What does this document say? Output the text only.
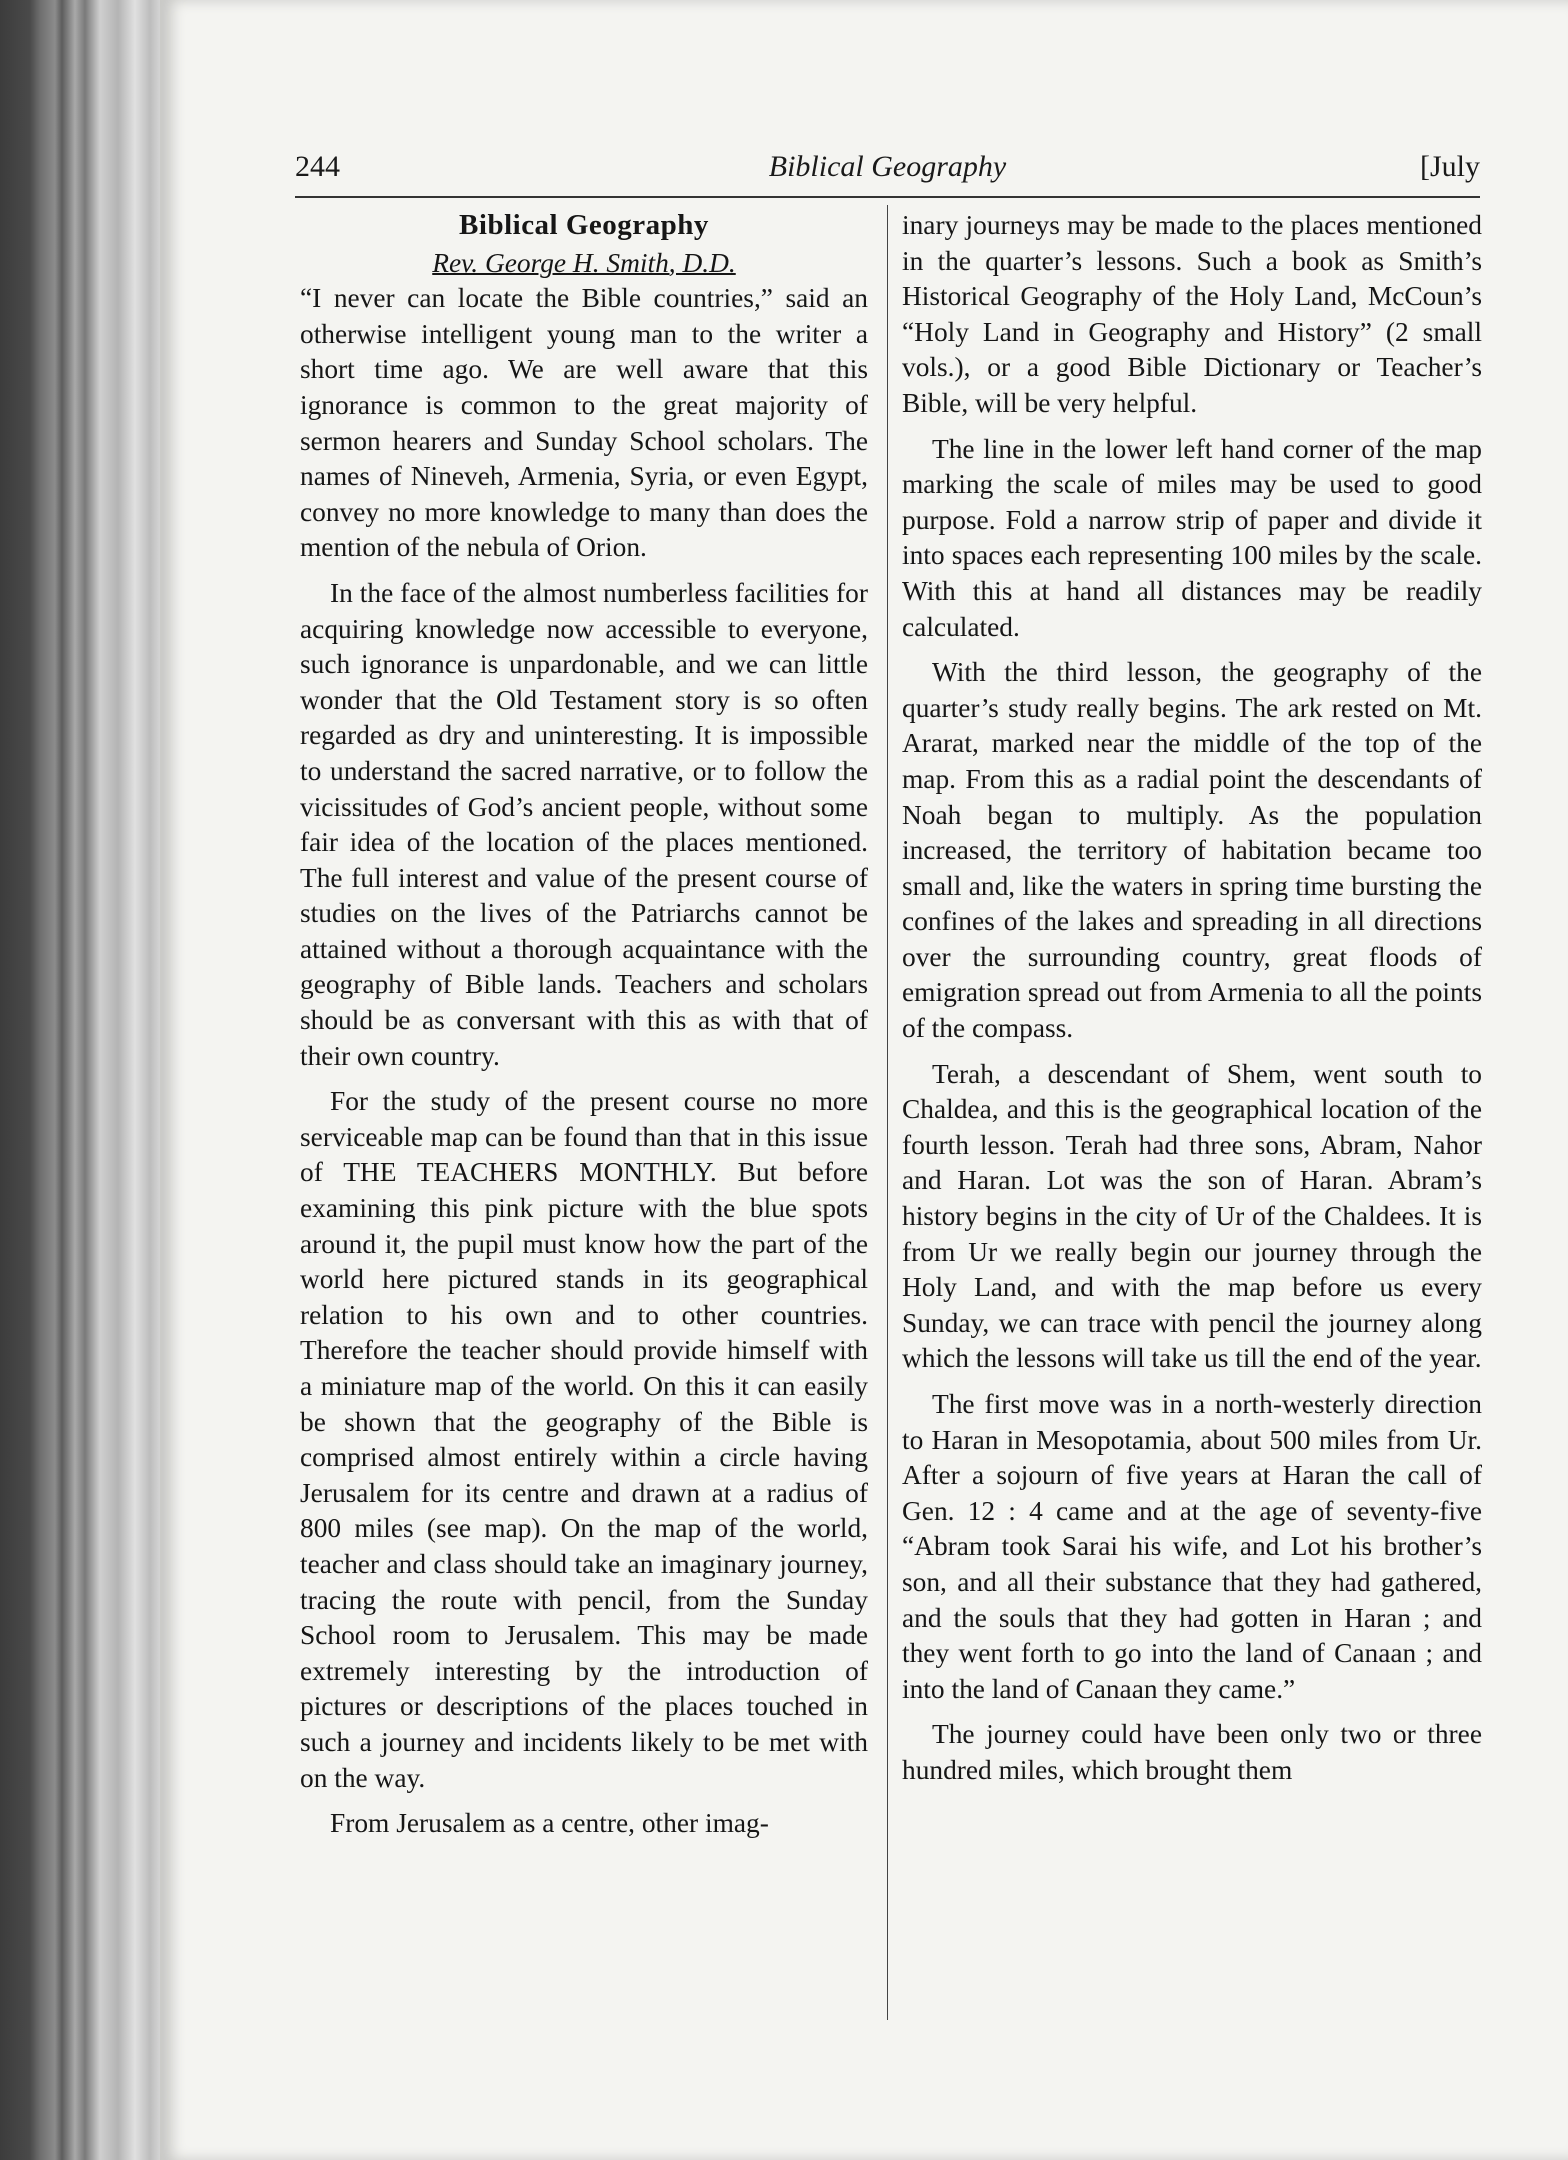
244	Biblical Geography	[July
Biblical Geography
Rev. George H. Smith, D.D.

“I never can locate the Bible countries,” said an otherwise intelligent young man to the writer a short time ago. We are well aware that this ignorance is common to the great majority of sermon hearers and Sunday School scholars. The names of Nineveh, Armenia, Syria, or even Egypt, convey no more knowledge to many than does the mention of the nebula of Orion.

In the face of the almost numberless facilities for acquiring knowledge now accessible to everyone, such ignorance is unpardonable, and we can little wonder that the Old Testament story is so often regarded as dry and uninteresting. It is impossible to understand the sacred narrative, or to follow the vicissitudes of God’s ancient people, without some fair idea of the location of the places mentioned. The full interest and value of the present course of studies on the lives of the Patriarchs cannot be attained without a thorough acquaintance with the geography of Bible lands. Teachers and scholars should be as conversant with this as with that of their own country.

For the study of the present course no more serviceable map can be found than that in this issue of THE TEACHERS MONTHLY. But before examining this pink picture with the blue spots around it, the pupil must know how the part of the world here pictured stands in its geographical relation to his own and to other countries. Therefore the teacher should provide himself with a miniature map of the world. On this it can easily be shown that the geography of the Bible is comprised almost entirely within a circle having Jerusalem for its centre and drawn at a radius of 800 miles (see map). On the map of the world, teacher and class should take an imaginary journey, tracing the route with pencil, from the Sunday School room to Jerusalem. This may be made extremely interesting by the introduction of pictures or descriptions of the places touched in such a journey and incidents likely to be met with on the way.

From Jerusalem as a centre, other imag-

inary journeys may be made to the places mentioned in the quarter’s lessons. Such a book as Smith’s Historical Geography of the Holy Land, McCoun’s “Holy Land in Geography and History” (2 small vols.), or a good Bible Dictionary or Teacher’s Bible, will be very helpful.

The line in the lower left hand corner of the map marking the scale of miles may be used to good purpose. Fold a narrow strip of paper and divide it into spaces each representing 100 miles by the scale. With this at hand all distances may be readily calculated.

With the third lesson, the geography of the quarter’s study really begins. The ark rested on Mt. Ararat, marked near the middle of the top of the map. From this as a radial point the descendants of Noah began to multiply. As the population increased, the territory of habitation became too small and, like the waters in spring time bursting the confines of the lakes and spreading in all directions over the surrounding country, great floods of emigration spread out from Armenia to all the points of the compass.

Terah, a descendant of Shem, went south to Chaldea, and this is the geographical location of the fourth lesson. Terah had three sons, Abram, Nahor and Haran. Lot was the son of Haran. Abram’s history begins in the city of Ur of the Chaldees. It is from Ur we really begin our journey through the Holy Land, and with the map before us every Sunday, we can trace with pencil the journey along which the lessons will take us till the end of the year.

The first move was in a north-westerly direction to Haran in Mesopotamia, about 500 miles from Ur. After a sojourn of five years at Haran the call of Gen. 12 : 4 came and at the age of seventy-five “Abram took Sarai his wife, and Lot his brother’s son, and all their substance that they had gathered, and the souls that they had gotten in Haran ; and they went forth to go into the land of Canaan ; and into the land of Canaan they came.”

The journey could have been only two or three hundred miles, which brought them
